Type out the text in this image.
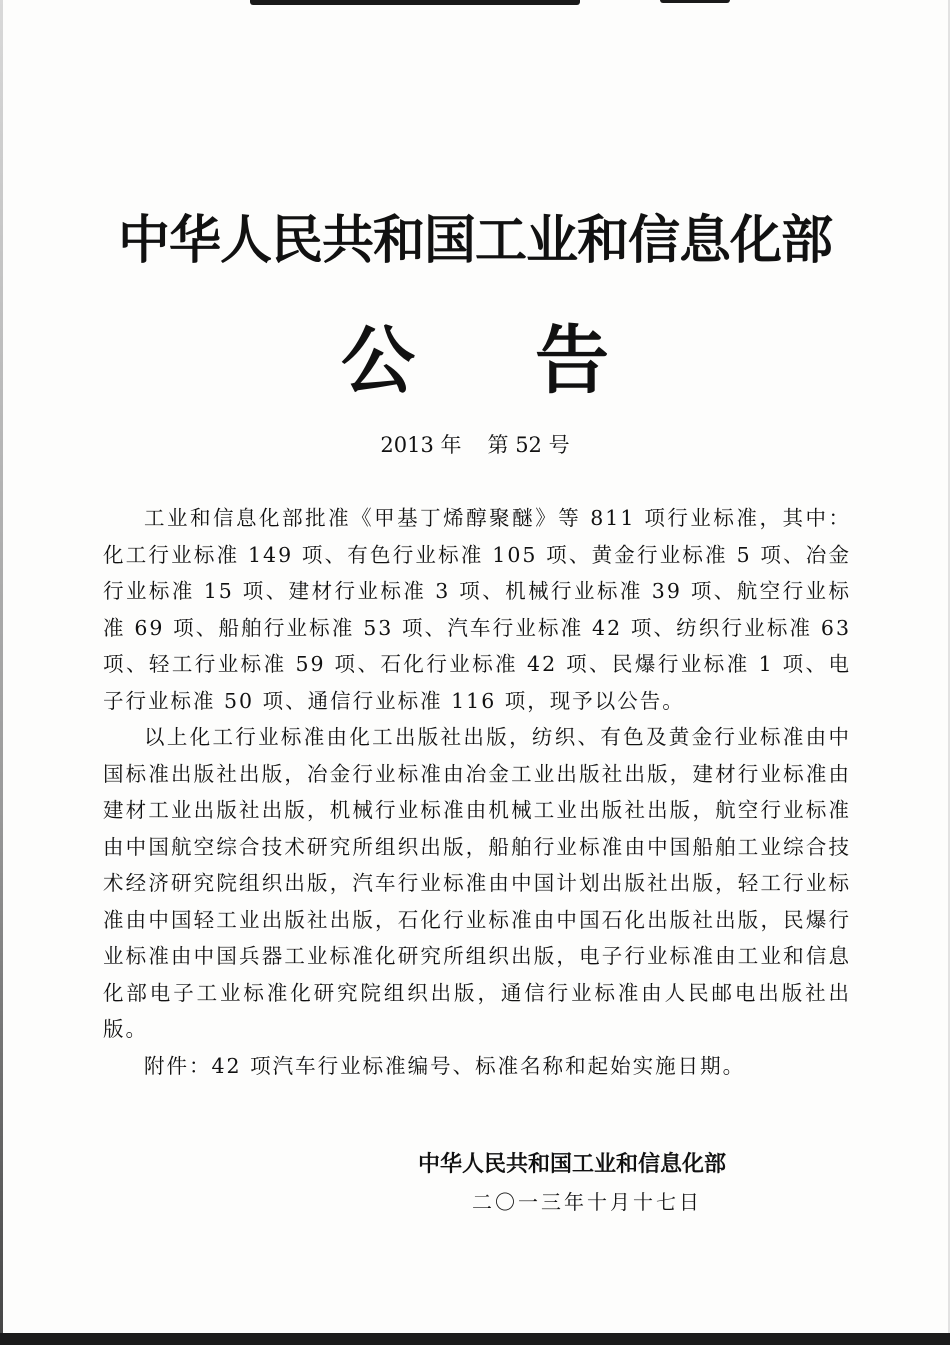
中华人民共和国工业和信息化部
公 告
2013 年 第 52 号

工业和信息化部批准《甲基丁烯醇聚醚》等 811 项行业标准，其中：化工行业标准 149 项、有色行业标准 105 项、黄金行业标准 5 项、冶金行业标准 15 项、建材行业标准 3 项、机械行业标准 39 项、航空行业标准 69 项、船舶行业标准 53 项、汽车行业标准 42 项、纺织行业标准 63 项、轻工行业标准 59 项、石化行业标准 42 项、民爆行业标准 1 项、电子行业标准 50 项、通信行业标准 116 项，现予以公告。

以上化工行业标准由化工出版社出版，纺织、有色及黄金行业标准由中国标准出版社出版，冶金行业标准由冶金工业出版社出版，建材行业标准由建材工业出版社出版，机械行业标准由机械工业出版社出版，航空行业标准由中国航空综合技术研究所组织出版，船舶行业标准由中国船舶工业综合技术经济研究院组织出版，汽车行业标准由中国计划出版社出版，轻工行业标准由中国轻工业出版社出版，石化行业标准由中国石化出版社出版，民爆行业标准由中国兵器工业标准化研究所组织出版，电子行业标准由工业和信息化部电子工业标准化研究院组织出版，通信行业标准由人民邮电出版社出版。

附件：42 项汽车行业标准编号、标准名称和起始实施日期。

中华人民共和国工业和信息化部
二〇一三年十月十七日
